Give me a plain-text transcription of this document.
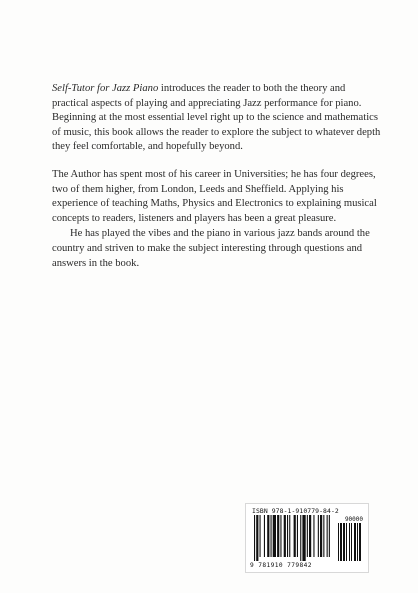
Self-Tutor for Jazz Piano introduces the reader to both the theory and practical aspects of playing and appreciating Jazz performance for piano. Beginning at the most essential level right up to the science and mathematics of music, this book allows the reader to explore the subject to whatever depth they feel comfortable, and hopefully beyond.

The Author has spent most of his career in Universities; he has four degrees, two of them higher, from London, Leeds and Sheffield. Applying his experience of teaching Maths, Physics and Electronics to explaining musical concepts to readers, listeners and players has been a great pleasure.

He has played the vibes and the piano in various jazz bands around the country and striven to make the subject interesting through questions and answers in the book.

ISBN 978-1-910779-84-2
90000
9 781910 779842
